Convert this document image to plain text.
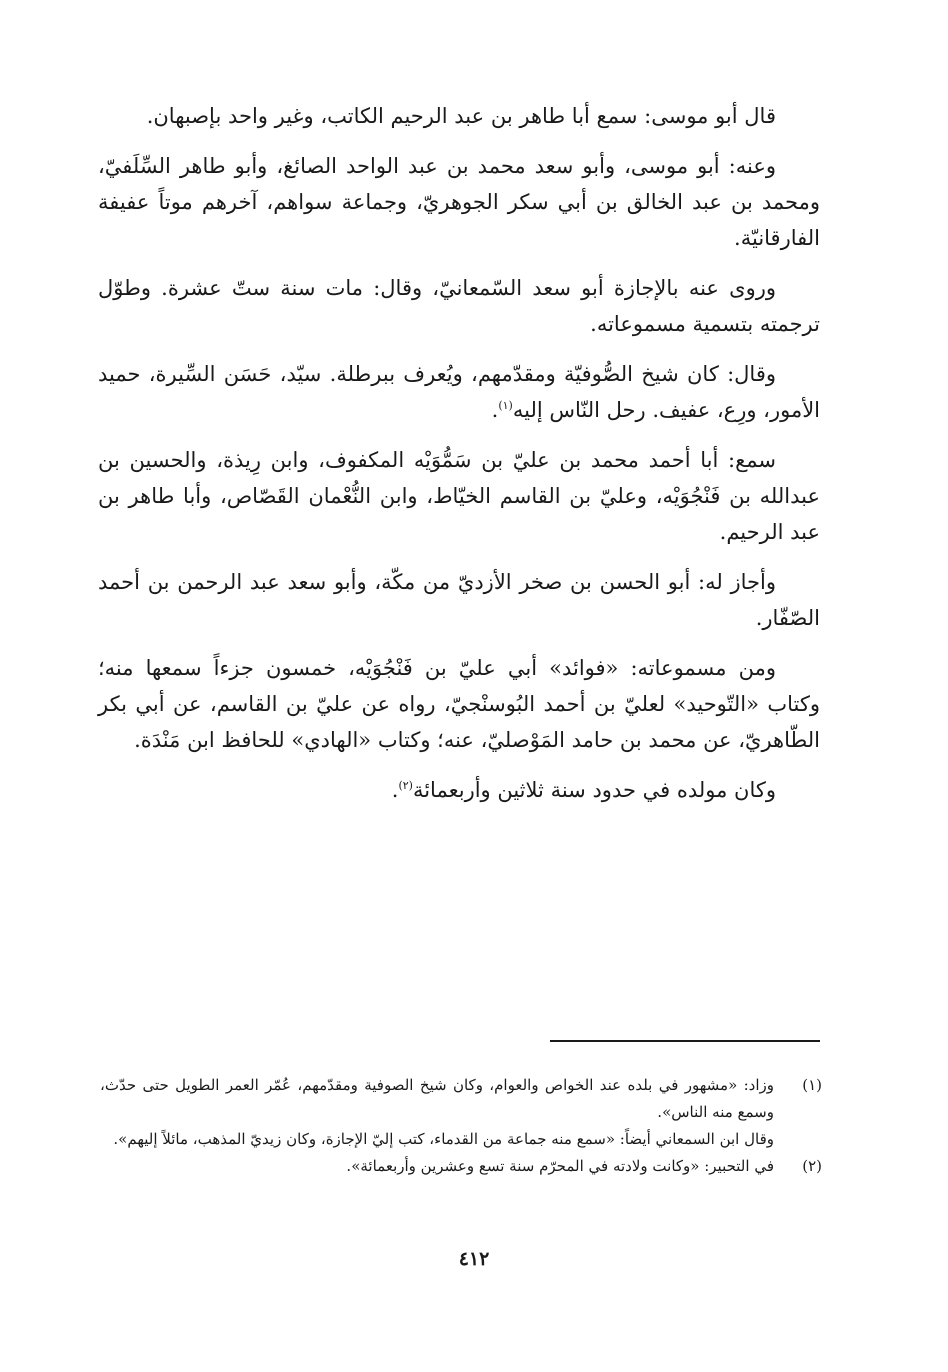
قال أبو موسى: سمع أبا طاهر بن عبد الرحيم الكاتب، وغير واحد بإصبهان.

وعنه: أبو موسى، وأبو سعد محمد بن عبد الواحد الصائغ، وأبو طاهر السِّلَفيّ، ومحمد بن عبد الخالق بن أبي سكر الجوهريّ، وجماعة سواهم، آخرهم موتاً عفيفة الفارقانيّة.

وروى عنه بالإجازة أبو سعد السّمعانيّ، وقال: مات سنة ستّ عشرة. وطوّل ترجمته بتسمية مسموعاته.

وقال: كان شيخ الصُّوفيّة ومقدّمهم، ويُعرف ببرطلة. سيّد، حَسَن السِّيرة، حميد الأمور، ورِع، عفيف. رحل النّاس إليه$^{(١)}$.

سمع: أبا أحمد محمد بن عليّ بن سَمُّوَيْه المكفوف، وابن رِيذة، والحسين بن عبدالله بن فَنْجُوَيْه، وعليّ بن القاسم الخيّاط، وابن النُّعْمان القَصّاص، وأبا طاهر بن عبد الرحيم.

وأجاز له: أبو الحسن بن صخر الأزديّ من مكّة، وأبو سعد عبد الرحمن بن أحمد الصّفّار.

ومن مسموعاته: «فوائد» أبي عليّ بن فَنْجُوَيْه، خمسون جزءاً سمعها منه؛ وكتاب «التّوحيد» لعليّ بن أحمد البُوسنْجيّ، رواه عن عليّ بن القاسم، عن أبي بكر الطّاهريّ، عن محمد بن حامد المَوْصليّ، عنه؛ وكتاب «الهادي» للحافظ ابن مَنْدَة.

وكان مولده في حدود سنة ثلاثين وأربعمائة$^{(٢)}$.

(١)

وزاد: «مشهور في بلده عند الخواص والعوام، وكان شيخ الصوفية ومقدّمهم، عُمّر العمر الطويل حتى حدّث، وسمع منه الناس».

وقال ابن السمعاني أيضاً: «سمع منه جماعة من القدماء، كتب إليّ الإجازة، وكان زيديّ المذهب، مائلاً إليهم».

(٢)

في التحبير: «وكانت ولادته في المحرّم سنة تسع وعشرين وأربعمائة».

٤١٢
